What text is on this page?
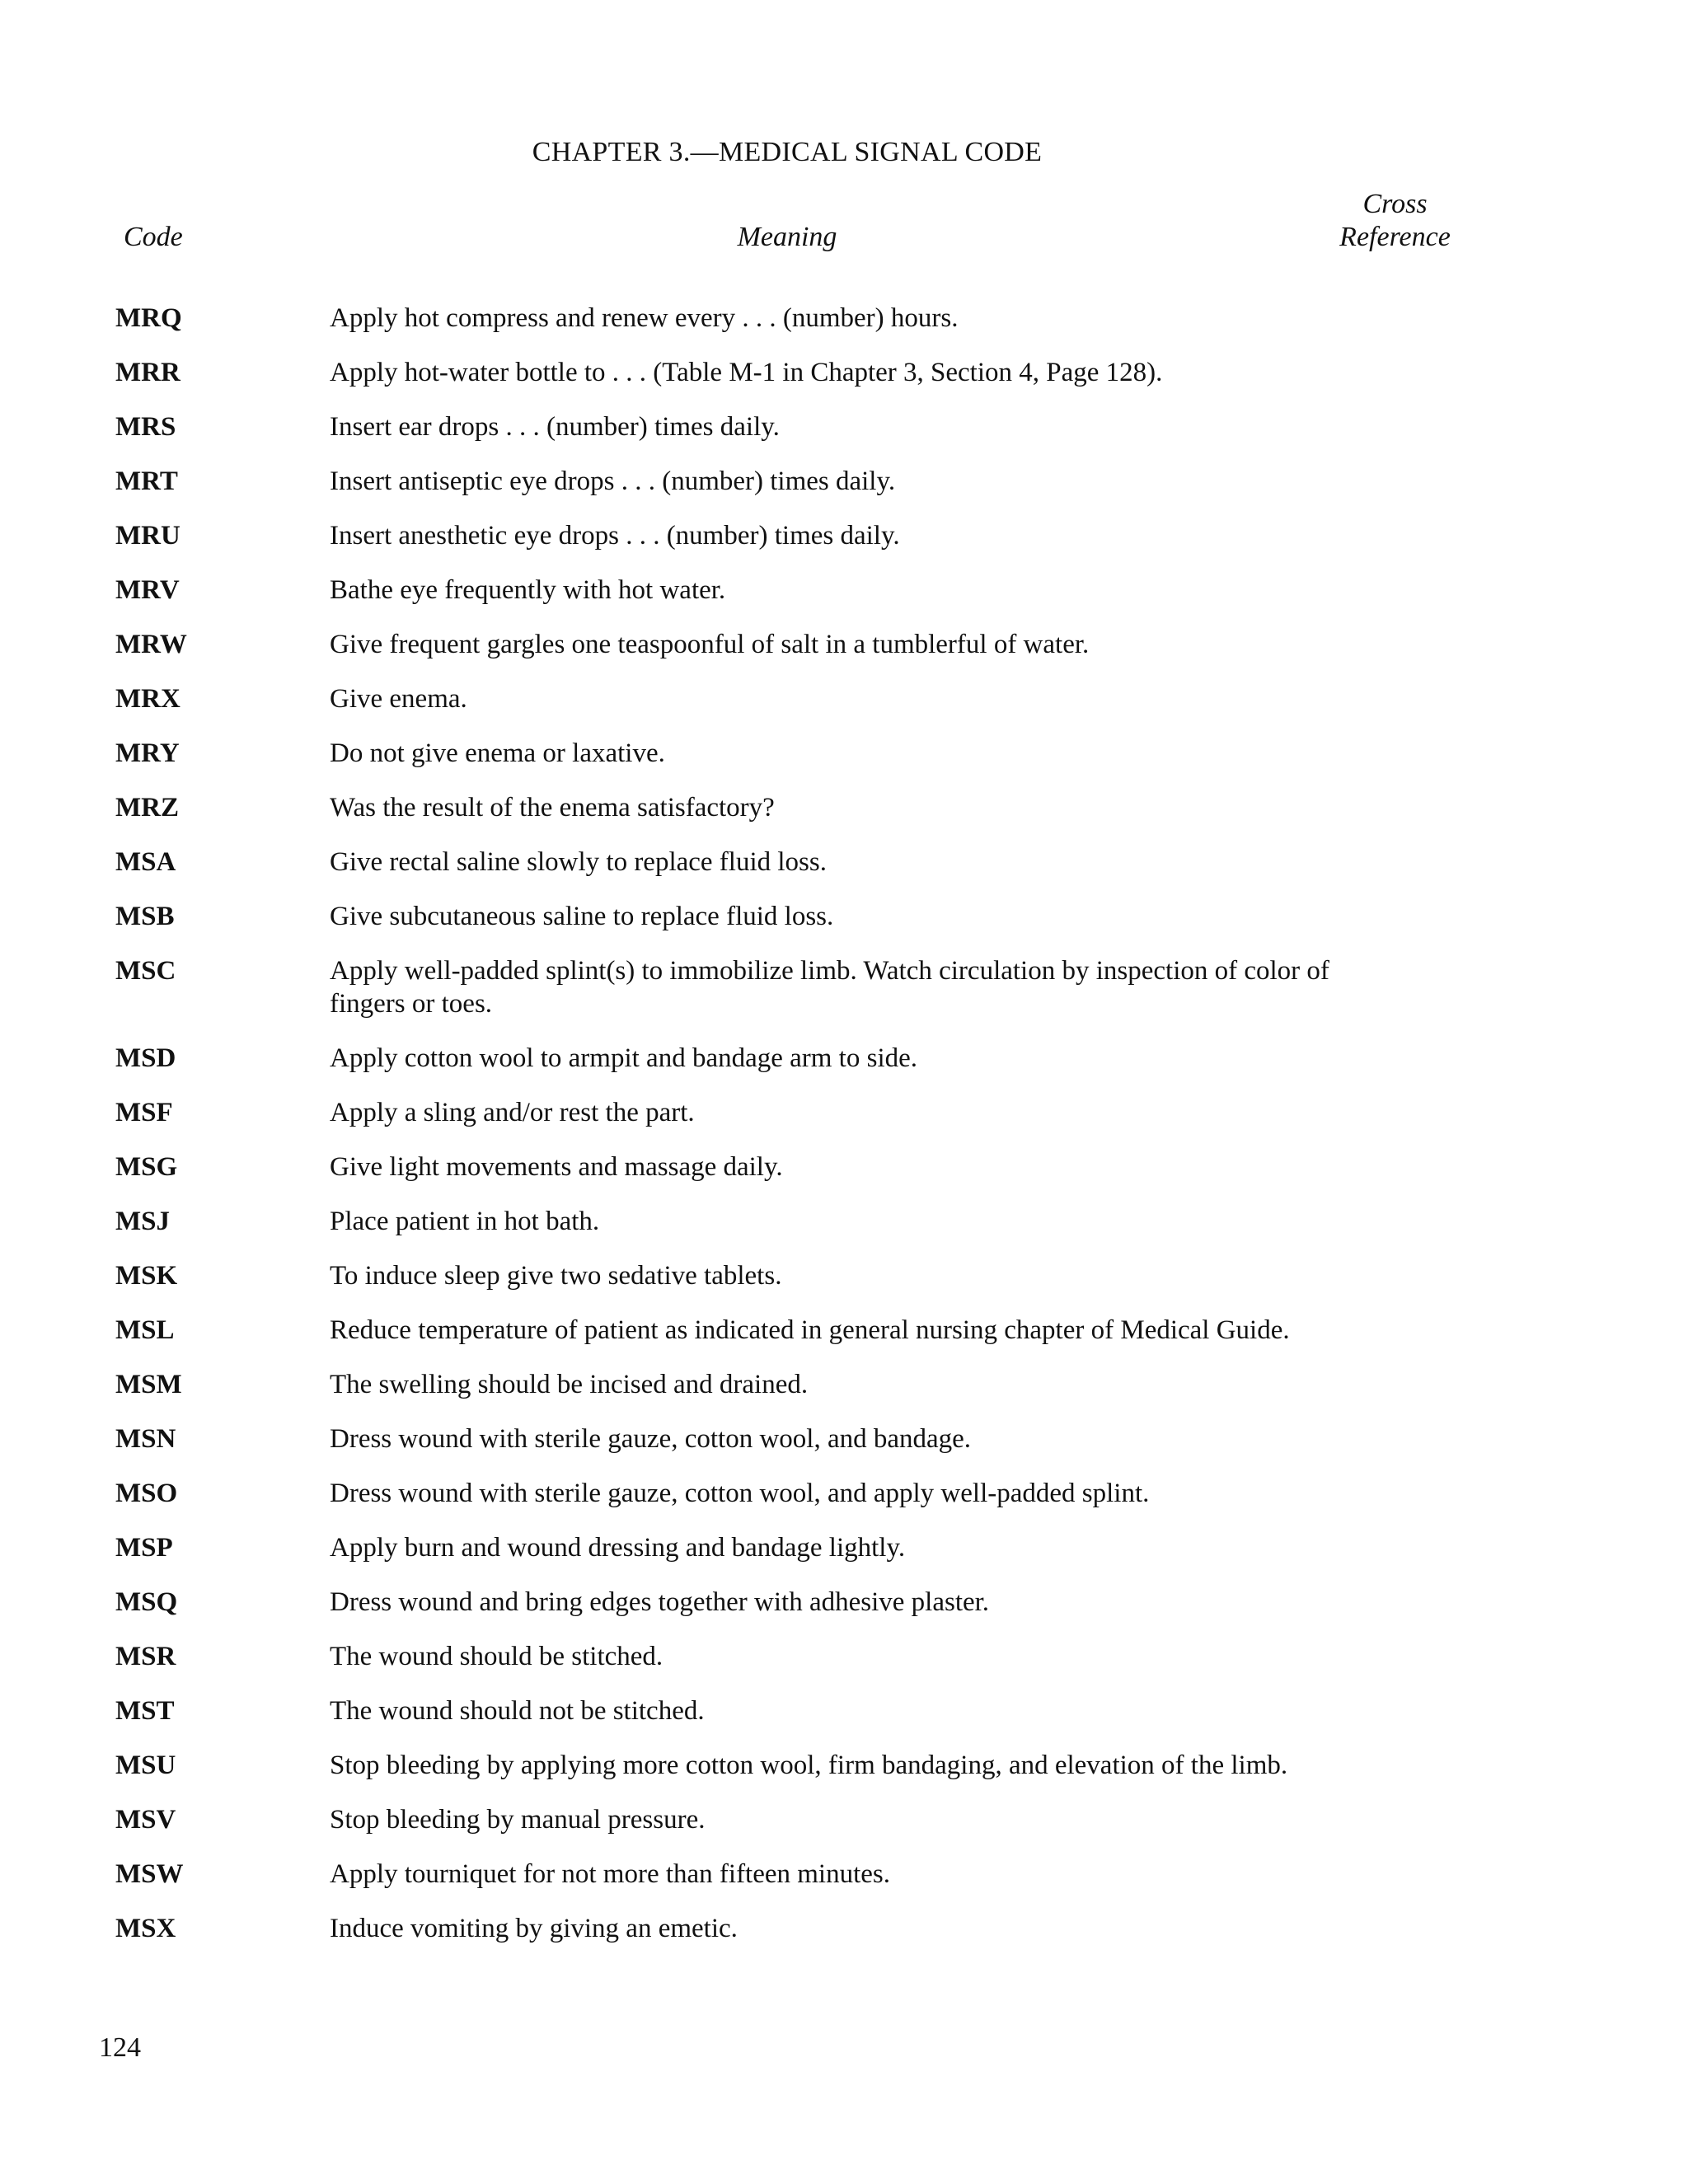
CHAPTER 3.—MEDICAL SIGNAL CODE
Code	Meaning
Cross
Reference
MRQ	Apply hot compress and renew every . . . (number) hours.
MRR	Apply hot-water bottle to . . . (Table M-1 in Chapter 3, Section 4, Page 128).
MRS	Insert ear drops . . . (number) times daily.
MRT	Insert antiseptic eye drops . . . (number) times daily.
MRU	Insert anesthetic eye drops . . . (number) times daily.
MRV	Bathe eye frequently with hot water.
MRW	Give frequent gargles one teaspoonful of salt in a tumblerful of water.
MRX	Give enema.
MRY	Do not give enema or laxative.
MRZ	Was the result of the enema satisfactory?
MSA	Give rectal saline slowly to replace fluid loss.
MSB	Give subcutaneous saline to replace fluid loss.
MSC	Apply well-padded splint(s) to immobilize limb. Watch circulation by inspection of color of fingers or toes.
MSD	Apply cotton wool to armpit and bandage arm to side.
MSF	Apply a sling and/or rest the part.
MSG	Give light movements and massage daily.
MSJ	Place patient in hot bath.
MSK	To induce sleep give two sedative tablets.
MSL	Reduce temperature of patient as indicated in general nursing chapter of Medical Guide.
MSM	The swelling should be incised and drained.
MSN	Dress wound with sterile gauze, cotton wool, and bandage.
MSO	Dress wound with sterile gauze, cotton wool, and apply well-padded splint.
MSP	Apply burn and wound dressing and bandage lightly.
MSQ	Dress wound and bring edges together with adhesive plaster.
MSR	The wound should be stitched.
MST	The wound should not be stitched.
MSU	Stop bleeding by applying more cotton wool, firm bandaging, and elevation of the limb.
MSV	Stop bleeding by manual pressure.
MSW	Apply tourniquet for not more than fifteen minutes.
MSX	Induce vomiting by giving an emetic.
124
